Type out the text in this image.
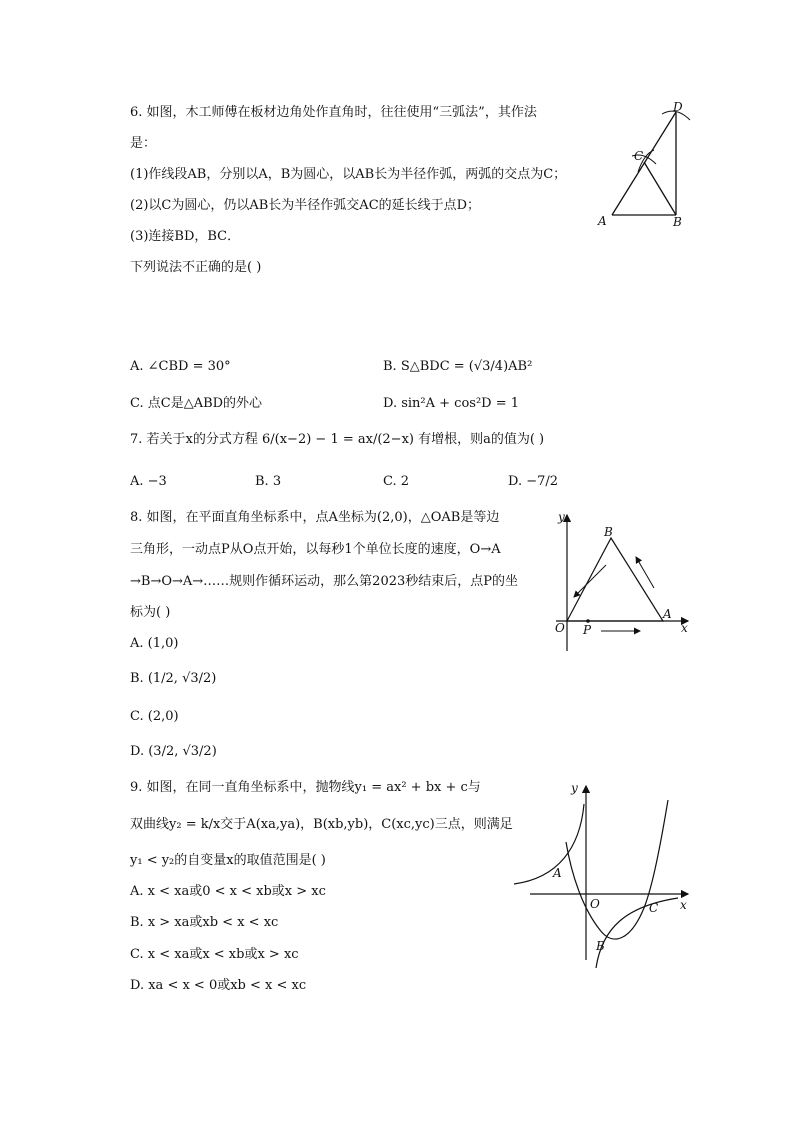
6. 如图，木工师傅在板材边角处作直角时，往往使用“三弧法”，其作法
是：
(1)作线段AB，分别以A，B为圆心，以AB长为半径作弧，两弧的交点为C；
(2)以C为圆心，仍以AB长为半径作弧交AC的延长线于点D；
(3)连接BD，BC．
下列说法不正确的是( )
A. ∠CBD = 30°	B. S△BDC = (√3/4)AB²
C. 点C是△ABD的外心	D. sin²A + cos²D = 1
A	B
C
D
7. 若关于x的分式方程 6/(x−2) − 1 = ax/(2−x) 有增根，则a的值为( )
A. −3	B. 3	C. 2	D. −7/2
8. 如图，在平面直角坐标系中，点A坐标为(2,0)，△OAB是等边
三角形，一动点P从O点开始，以每秒1个单位长度的速度，O→A
→B→O→A→……规则作循环运动，那么第2023秒结束后，点P的坐
标为( )
A. (1,0)
B. (1/2, √3/2)
C. (2,0)
D. (3/2, √3/2)
y
x
O P
A
B
9. 如图，在同一直角坐标系中，抛物线y₁ = ax² + bx + c与
双曲线y₂ = k/x交于A(xa,ya)，B(xb,yb)，C(xc,yc)三点，则满足
y₁ < y₂的自变量x的取值范围是( )
A. x < xa或0 < x < xb或x > xc
B. x > xa或xb < x < xc
C. x < xa或x < xb或x > xc
D. xa < x < 0或xb < x < xc
y
x
O
A
B
C
